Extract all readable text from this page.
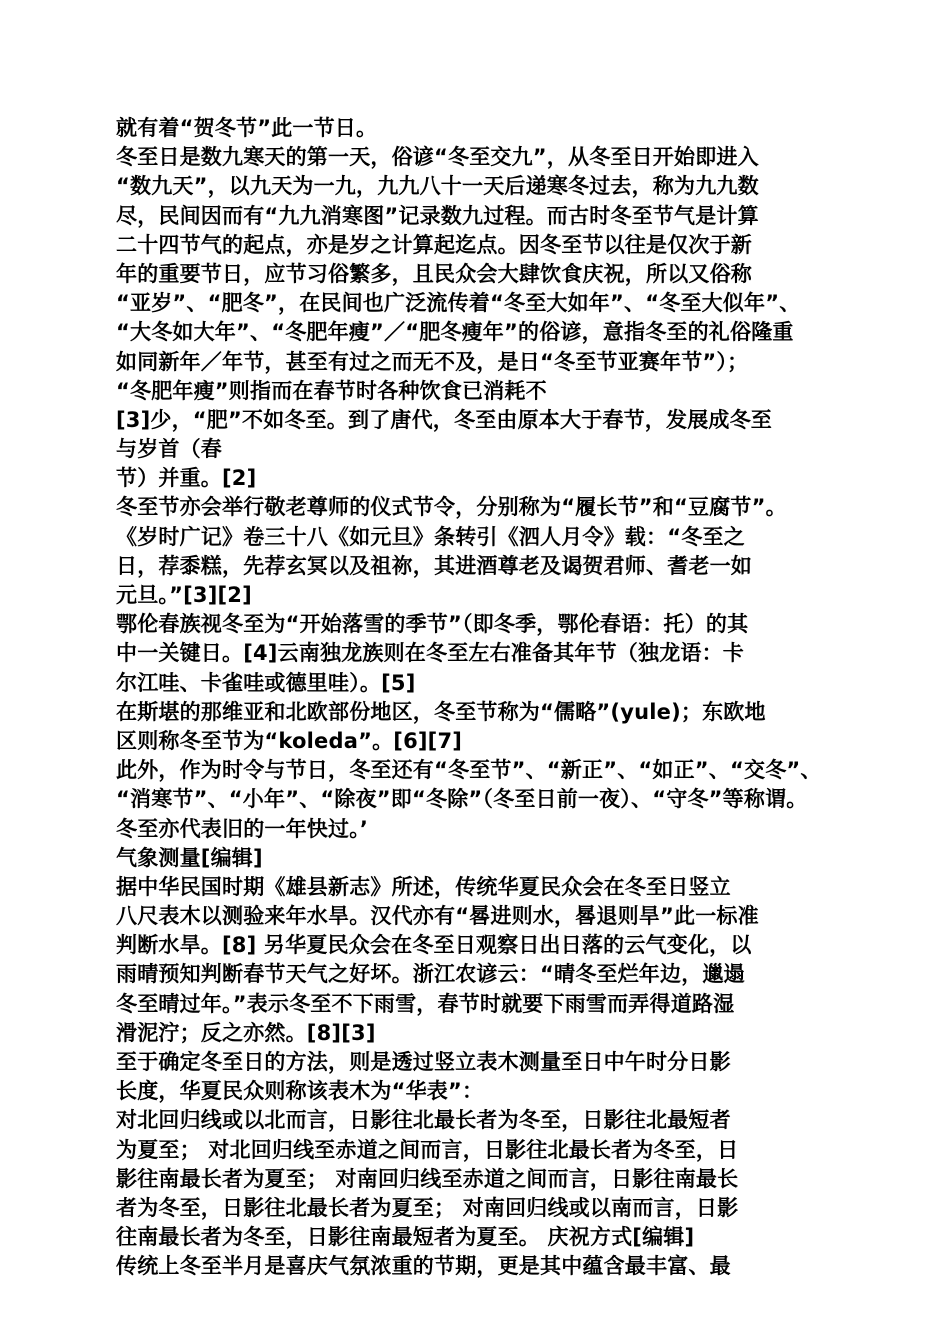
就有着“贺冬节”此一节日。
冬至日是数九寒天的第一天，俗谚“冬至交九”，从冬至日开始即进入
“数九天”，以九天为一九，九九八十一天后递寒冬过去，称为九九数
尽，民间因而有“九九消寒图”记录数九过程。而古时冬至节气是计算
二十四节气的起点，亦是岁之计算起迄点。因冬至节以往是仅次于新
年的重要节日，应节习俗繁多，且民众会大肆饮食庆祝，所以又俗称
“亚岁”、“肥冬”，在民间也广泛流传着“冬至大如年”、“冬至大似年”、
“大冬如大年”、“冬肥年瘦”／“肥冬瘦年”的俗谚，意指冬至的礼俗隆重
如同新年／年节，甚至有过之而无不及，是日“冬至节亚赛年节”）；
“冬肥年瘦”则指而在春节时各种饮食已消耗不
[3]少，“肥”不如冬至。到了唐代，冬至由原本大于春节，发展成冬至
与岁首（春
节）并重。[2]
冬至节亦会举行敬老尊师的仪式节令，分别称为“履长节”和“豆腐节”。
《岁时广记》卷三十八《如元旦》条转引《泗人月令》载：“冬至之
日，荐黍糕，先荐玄冥以及祖祢，其进酒尊老及谒贺君师、耆老一如
元旦。”[3][2]
鄂伦春族视冬至为“开始落雪的季节”（即冬季，鄂伦春语：托）的其
中一关键日。[4]云南独龙族则在冬至左右准备其年节（独龙语：卡
尔江哇、卡雀哇或德里哇）。[5]
在斯堪的那维亚和北欧部份地区，冬至节称为“儒略”(yule)；东欧地
区则称冬至节为“koleda”。[6][7]
此外，作为时令与节日，冬至还有“冬至节”、“新正”、“如正”、“交冬”、
“消寒节”、“小年”、“除夜”即“冬除”（冬至日前一夜）、“守冬”等称谓。
冬至亦代表旧的一年快过。’
气象测量[编辑]
据中华民国时期《雄县新志》所述，传统华夏民众会在冬至日竖立
八尺表木以测验来年水旱。汉代亦有“晷进则水，晷退则旱”此一标准
判断水旱。[8] 另华夏民众会在冬至日观察日出日落的云气变化，以
雨晴预知判断春节天气之好坏。浙江农谚云：“晴冬至烂年边，邋遢
冬至晴过年。”表示冬至不下雨雪，春节时就要下雨雪而弄得道路湿
滑泥泞；反之亦然。[8][3]
至于确定冬至日的方法，则是透过竖立表木测量至日中午时分日影
长度，华夏民众则称该表木为“华表”：
对北回归线或以北而言，日影往北最长者为冬至，日影往北最短者
为夏至； 对北回归线至赤道之间而言，日影往北最长者为冬至，日
影往南最长者为夏至； 对南回归线至赤道之间而言，日影往南最长
者为冬至，日影往北最长者为夏至； 对南回归线或以南而言，日影
往南最长者为冬至，日影往南最短者为夏至。 庆祝方式[编辑]
传统上冬至半月是喜庆气氛浓重的节期，更是其中蕴含最丰富、最
